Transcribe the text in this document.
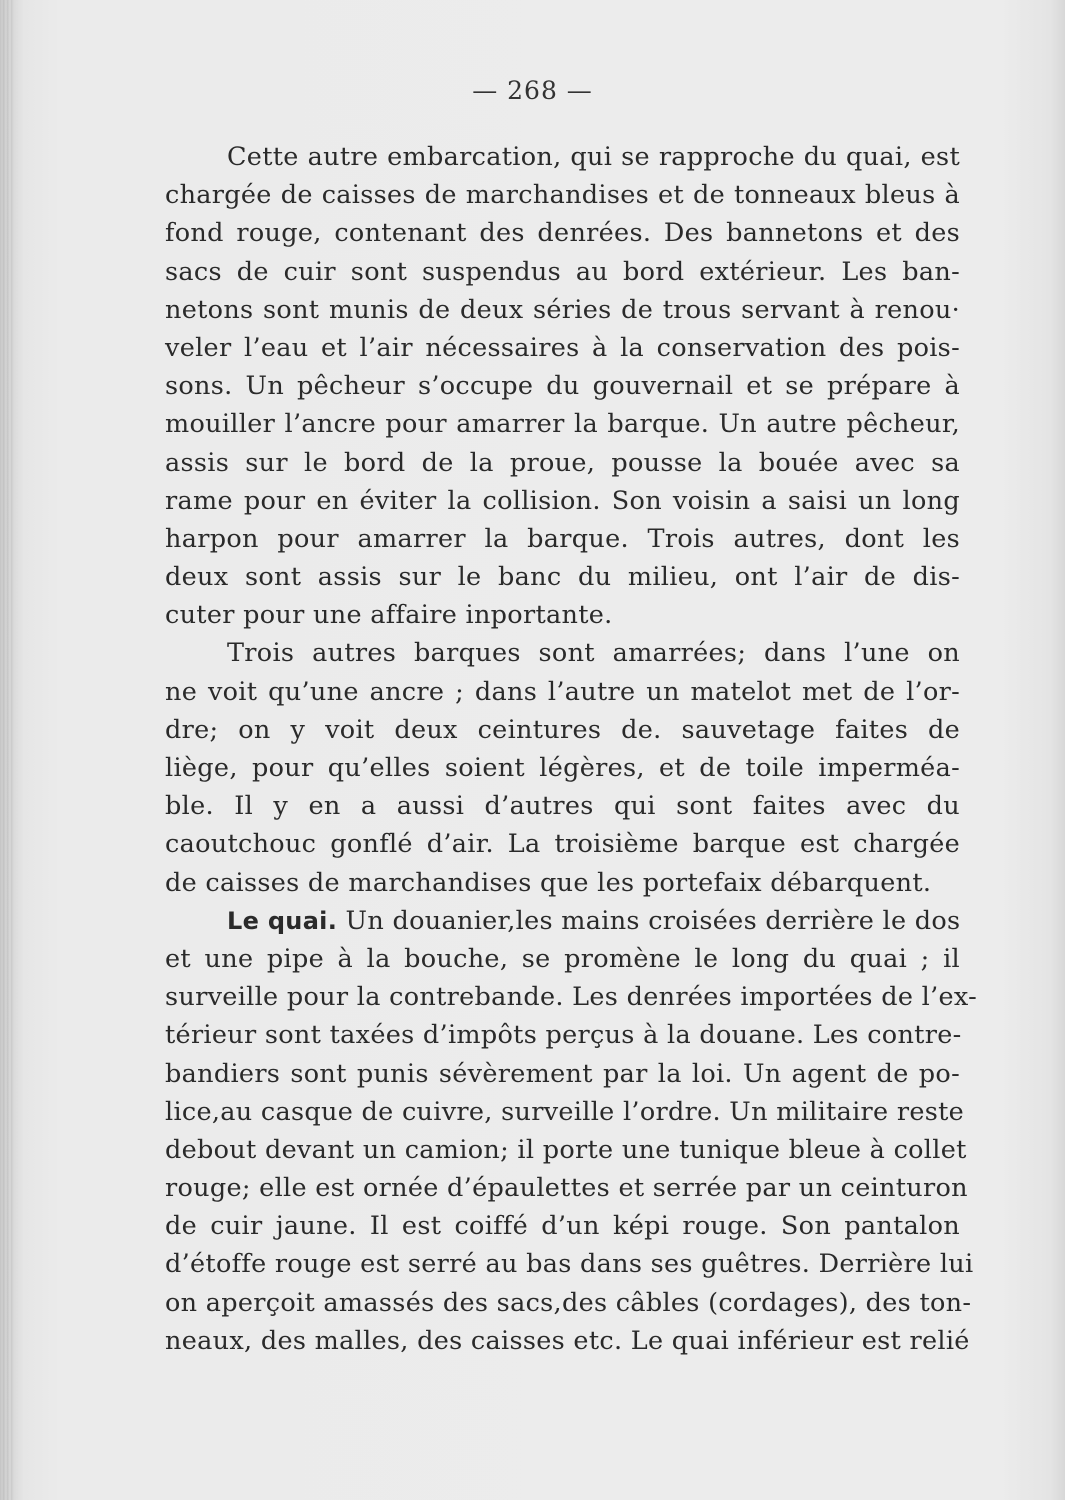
— 268 —
Cette autre embarcation, qui se rapproche du quai, est
chargée de caisses de marchandises et de tonneaux bleus à
fond rouge, contenant des denrées. Des bannetons et des
sacs de cuir sont suspendus au bord extérieur. Les ban-
netons sont munis de deux séries de trous servant à renou·
veler l’eau et l’air nécessaires à la conservation des pois-
sons. Un pêcheur s’occupe du gouvernail et se prépare à
mouiller l’ancre pour amarrer la barque. Un autre pêcheur,
assis sur le bord de la proue, pousse la bouée avec sa
rame pour en éviter la collision. Son voisin a saisi un long
harpon pour amarrer la barque. Trois autres, dont les
deux sont assis sur le banc du milieu, ont l’air de dis-
cuter pour une affaire inportante.
Trois autres barques sont amarrées; dans l’une on
ne voit qu’une ancre ; dans l’autre un matelot met de l’or-
dre; on y voit deux ceintures de. sauvetage faites de
liège, pour qu’elles soient légères, et de toile imperméa-
ble. Il y en a aussi d’autres qui sont faites avec du
caoutchouc gonflé d’air. La troisième barque est chargée
de caisses de marchandises que les portefaix débarquent.
Le quai. Un douanier,les mains croisées derrière le dos
et une pipe à la bouche, se promène le long du quai ; il
surveille pour la contrebande. Les denrées importées de l’ex-
térieur sont taxées d’impôts perçus à la douane. Les contre-
bandiers sont punis sévèrement par la loi. Un agent de po-
lice,au casque de cuivre, surveille l’ordre. Un militaire reste
debout devant un camion; il porte une tunique bleue à collet
rouge; elle est ornée d’épaulettes et serrée par un ceinturon
de cuir jaune. Il est coiffé d’un képi rouge. Son pantalon
d’étoffe rouge est serré au bas dans ses guêtres. Derrière lui
on aperçoit amassés des sacs,des câbles (cordages), des ton-
neaux, des malles, des caisses etc. Le quai inférieur est relié
